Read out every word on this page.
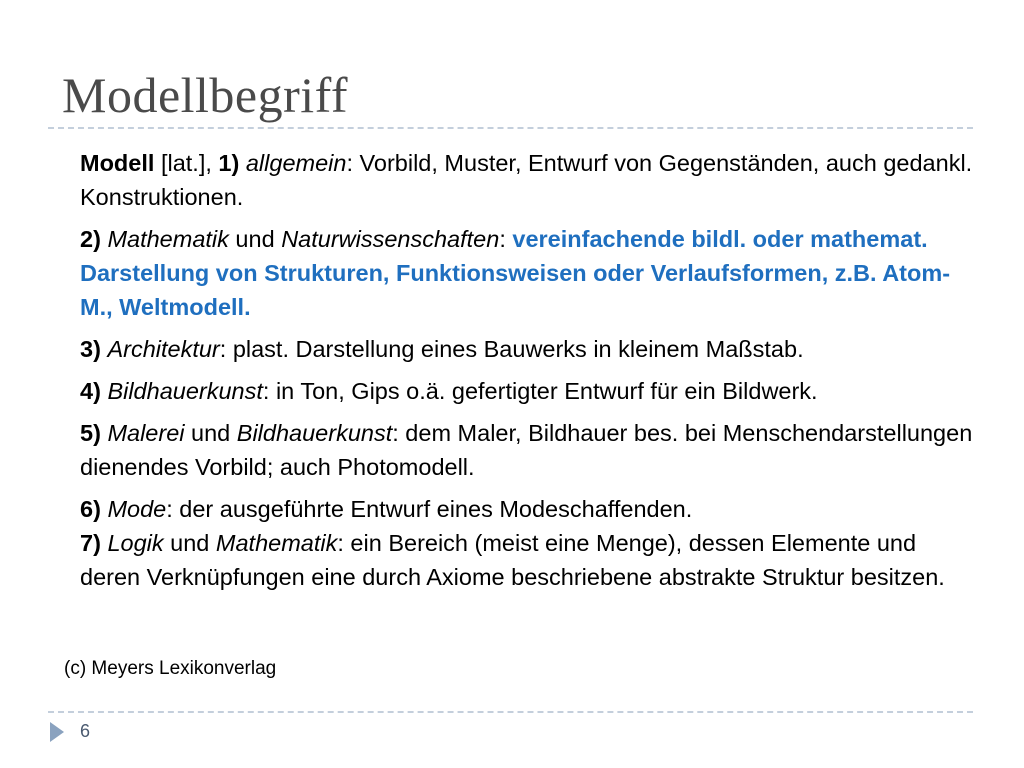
Modellbegriff

Modell [lat.], 1) allgemein: Vorbild, Muster, Entwurf von Gegenständen, auch gedankl. Konstruktionen.

2) Mathematik und Naturwissenschaften: vereinfachende bildl. oder mathemat. Darstellung von Strukturen, Funktionsweisen oder Verlaufsformen, z.B. Atom-M., Weltmodell.

3) Architektur: plast. Darstellung eines Bauwerks in kleinem Maßstab.

4) Bildhauerkunst: in Ton, Gips o.ä. gefertigter Entwurf für ein Bildwerk.

5) Malerei und Bildhauerkunst: dem Maler, Bildhauer bes. bei Menschendarstellungen dienendes Vorbild; auch Photomodell.

6) Mode: der ausgeführte Entwurf eines Modeschaffenden.

7) Logik und Mathematik: ein Bereich (meist eine Menge), dessen Elemente und deren Verknüpfungen eine durch Axiome beschriebene abstrakte Struktur besitzen.

(c) Meyers Lexikonverlag
6
